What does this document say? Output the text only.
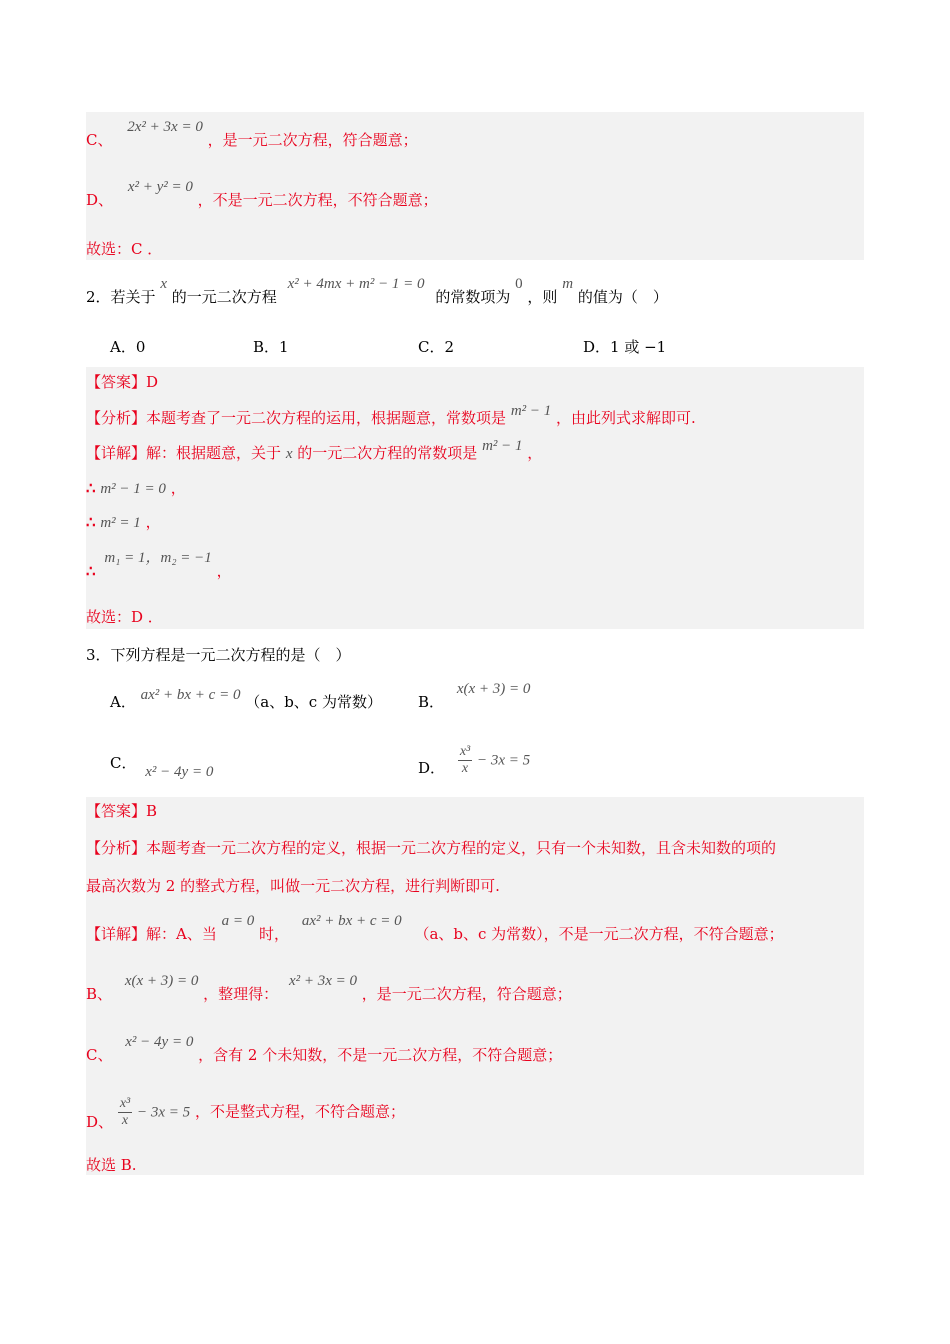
C、 2x² + 3x = 0 ，是一元二次方程，符合题意；
D、 x² + y² = 0 ，不是一元二次方程，不符合题意；
故选：C ．
2．若关于 x 的一元二次方程 x² + 4mx + m² − 1 = 0 的常数项为 0 ，则 m 的值为（　）
A．0	B．1	C．2	D．1 或 −1
【答案】D
【分析】本题考查了一元二次方程的运用，根据题意，常数项是 m² − 1 ，由此列式求解即可.
【详解】解：根据题意，关于 x 的一元二次方程的常数项是 m² − 1 ，
∴ m² − 1 = 0 ，
∴ m² = 1 ，
∴ m₁ = 1，m₂ = −1 ，
故选：D ．
3．下列方程是一元二次方程的是（　）
A． ax² + bx + c = 0 （a、b、c 为常数） B． x(x + 3) = 0
C． x² − 4y = 0	D． $\frac{\text{x³}}{x} - 3x = 5$
【答案】B
【分析】本题考查一元二次方程的定义，根据一元二次方程的定义，只有一个未知数，且含未知数的项的
最高次数为 2 的整式方程，叫做一元二次方程，进行判断即可.
【详解】解：A、当 a = 0 时， ax² + bx + c = 0 （a、b、c 为常数），不是一元二次方程，不符合题意；
B、 x(x + 3) = 0 ，整理得： x² + 3x = 0 ，是一元二次方程，符合题意；
C、 x² − 4y = 0 ，含有 2 个未知数，不是一元二次方程，不符合题意；
D、 $\frac{\text{x³}}{x} - 3x = 5$ ，不是整式方程，不符合题意；
故选 B.
